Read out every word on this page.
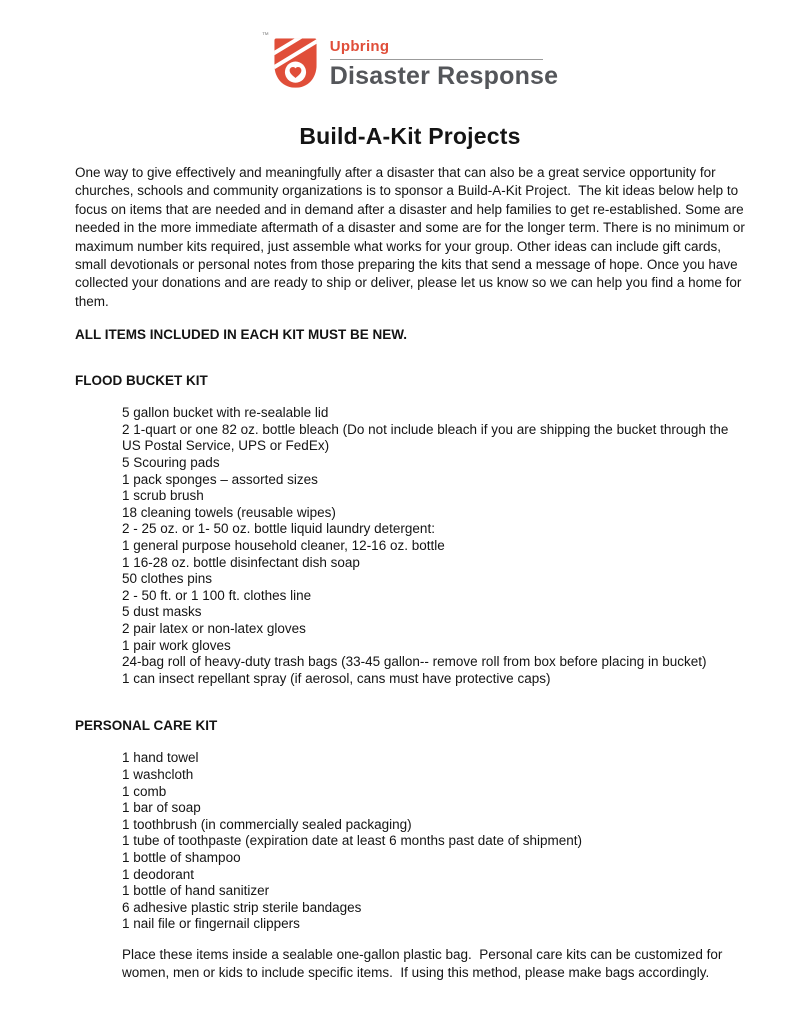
™
Upbring
Disaster Response
Build-A-Kit Projects

One way to give effectively and meaningfully after a disaster that can also be a great service opportunity for churches, schools and community organizations is to sponsor a Build-A-Kit Project.  The kit ideas below help to focus on items that are needed and in demand after a disaster and help families to get re-established. Some are needed in the more immediate aftermath of a disaster and some are for the longer term. There is no minimum or maximum number kits required, just assemble what works for your group. Other ideas can include gift cards, small devotionals or personal notes from those preparing the kits that send a message of hope. Once you have collected your donations and are ready to ship or deliver, please let us know so we can help you find a home for them.

ALL ITEMS INCLUDED IN EACH KIT MUST BE NEW.

FLOOD BUCKET KIT

5 gallon bucket with re-sealable lid
2 1-quart or one 82 oz. bottle bleach (Do not include bleach if you are shipping the bucket through the US Postal Service, UPS or FedEx)
5 Scouring pads
1 pack sponges – assorted sizes
1 scrub brush
18 cleaning towels (reusable wipes)
2 - 25 oz. or 1- 50 oz. bottle liquid laundry detergent:
1 general purpose household cleaner, 12-16 oz. bottle
1 16-28 oz. bottle disinfectant dish soap
50 clothes pins
2 - 50 ft. or 1 100 ft. clothes line
5 dust masks
2 pair latex or non-latex gloves
1 pair work gloves
24-bag roll of heavy-duty trash bags (33-45 gallon-- remove roll from box before placing in bucket)
1 can insect repellant spray (if aerosol, cans must have protective caps)

PERSONAL CARE KIT

1 hand towel
1 washcloth
1 comb
1 bar of soap
1 toothbrush (in commercially sealed packaging)
1 tube of toothpaste (expiration date at least 6 months past date of shipment)
1 bottle of shampoo
1 deodorant
1 bottle of hand sanitizer
6 adhesive plastic strip sterile bandages
1 nail file or fingernail clippers

Place these items inside a sealable one-gallon plastic bag.  Personal care kits can be customized for women, men or kids to include specific items.  If using this method, please make bags accordingly.
